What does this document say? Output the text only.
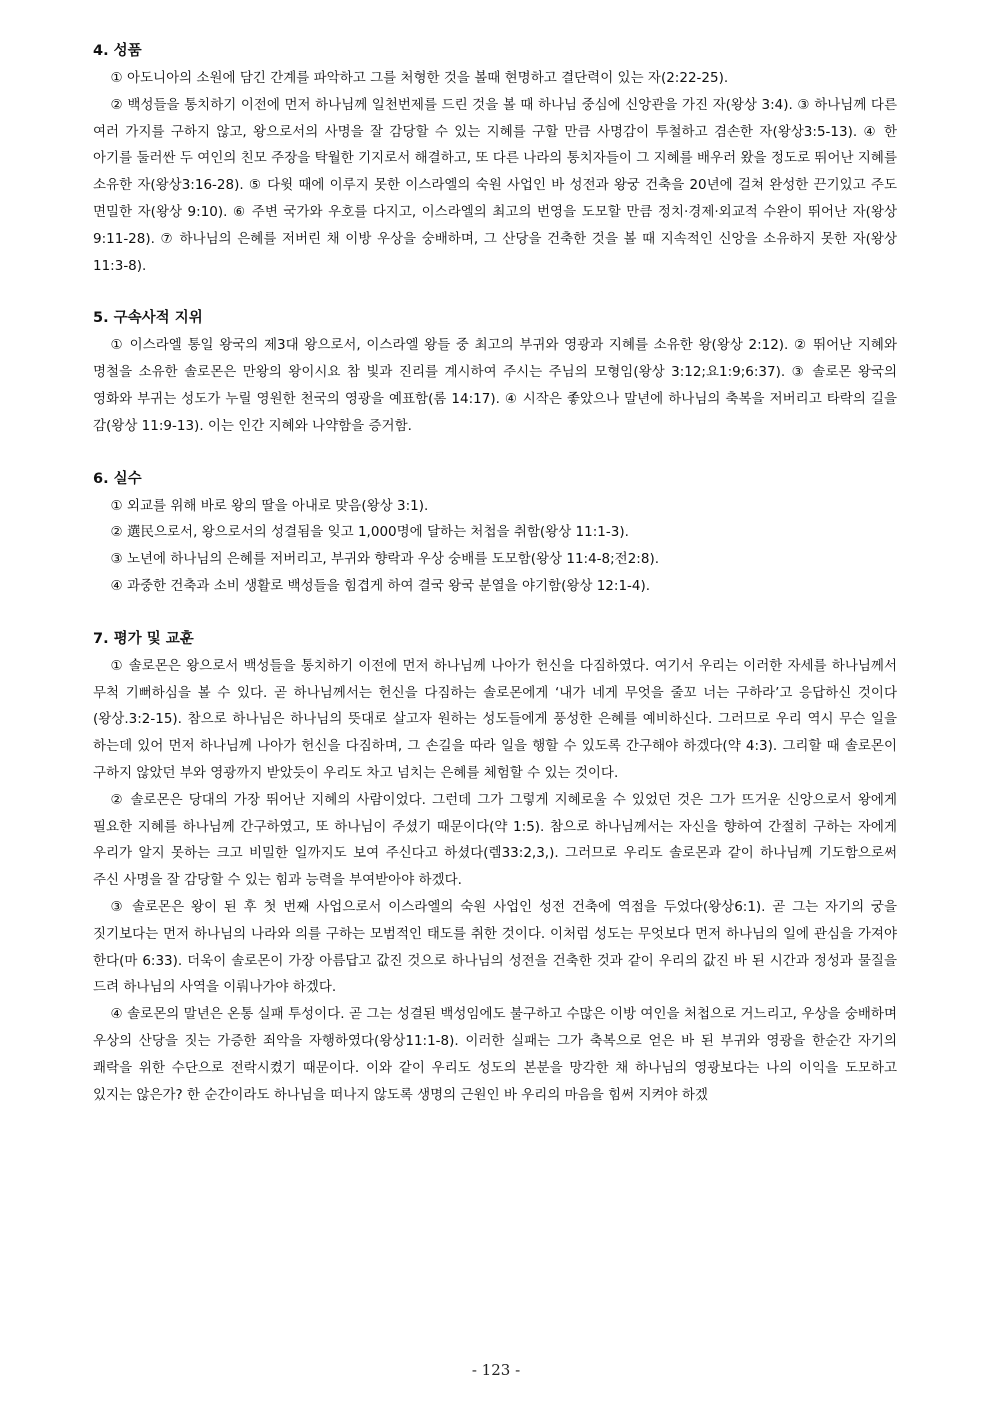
4. 성품

① 아도니아의 소원에 담긴 간계를 파악하고 그를 처형한 것을 볼때 현명하고 결단력이 있는 자(2:22-25).

② 백성들을 통치하기 이전에 먼저 하나님께 일천번제를 드린 것을 볼 때 하나님 중심에 신앙관을 가진 자(왕상 3:4). ③ 하나님께 다른 여러 가지를 구하지 않고, 왕으로서의 사명을 잘 감당할 수 있는 지혜를 구할 만큼 사명감이 투철하고 겸손한 자(왕상3:5-13). ④ 한 아기를 둘러싼 두 여인의 친모 주장을 탁월한 기지로서 해결하고, 또 다른 나라의 통치자들이 그 지혜를 배우러 왔을 정도로 뛰어난 지혜를 소유한 자(왕상3:16-28). ⑤ 다윗 때에 이루지 못한 이스라엘의 숙원 사업인 바 성전과 왕궁 건축을 20년에 걸쳐 완성한 끈기있고 주도 면밀한 자(왕상 9:10). ⑥ 주변 국가와 우호를 다지고, 이스라엘의 최고의 번영을 도모할 만큼 정치·경제·외교적 수완이 뛰어난 자(왕상 9:11-28). ⑦ 하나님의 은혜를 저버린 채 이방 우상을 숭배하며, 그 산당을 건축한 것을 볼 때 지속적인 신앙을 소유하지 못한 자(왕상 11:3-8).

5. 구속사적 지위

① 이스라엘 통일 왕국의 제3대 왕으로서, 이스라엘 왕들 중 최고의 부귀와 영광과 지혜를 소유한 왕(왕상 2:12). ② 뛰어난 지혜와 명철을 소유한 솔로몬은 만왕의 왕이시요 참 빛과 진리를 계시하여 주시는 주님의 모형임(왕상 3:12;요1:9;6:37). ③ 솔로몬 왕국의 영화와 부귀는 성도가 누릴 영원한 천국의 영광을 예표함(롬 14:17). ④ 시작은 좋았으나 말년에 하나님의 축복을 저버리고 타락의 길을 감(왕상 11:9-13). 이는 인간 지혜와 나약함을 증거함.

6. 실수

① 외교를 위해 바로 왕의 딸을 아내로 맞음(왕상 3:1).

② 選民으로서, 왕으로서의 성결됨을 잊고 1,000명에 달하는 처첩을 취함(왕상 11:1-3).

③ 노년에 하나님의 은혜를 저버리고, 부귀와 향락과 우상 숭배를 도모함(왕상 11:4-8;전2:8).

④ 과중한 건축과 소비 생활로 백성들을 힘겹게 하여 결국 왕국 분열을 야기함(왕상 12:1-4).

7. 평가 및 교훈

① 솔로몬은 왕으로서 백성들을 통치하기 이전에 먼저 하나님께 나아가 헌신을 다짐하였다. 여기서 우리는 이러한 자세를 하나님께서 무척 기뻐하심을 볼 수 있다. 곧 하나님께서는 헌신을 다짐하는 솔로몬에게 ‘내가 네게 무엇을 줄꼬 너는 구하라’고 응답하신 것이다(왕상.3:2-15). 참으로 하나님은 하나님의 뜻대로 살고자 원하는 성도들에게 풍성한 은혜를 예비하신다. 그러므로 우리 역시 무슨 일을 하는데 있어 먼저 하나님께 나아가 헌신을 다짐하며, 그 손길을 따라 일을 행할 수 있도록 간구해야 하겠다(약 4:3). 그리할 때 솔로몬이 구하지 않았던 부와 영광까지 받았듯이 우리도 차고 넘치는 은혜를 체험할 수 있는 것이다.

② 솔로몬은 당대의 가장 뛰어난 지혜의 사람이었다. 그런데 그가 그렇게 지혜로울 수 있었던 것은 그가 뜨거운 신앙으로서 왕에게 필요한 지혜를 하나님께 간구하였고, 또 하나님이 주셨기 때문이다(약 1:5). 참으로 하나님께서는 자신을 향하여 간절히 구하는 자에게 우리가 알지 못하는 크고 비밀한 일까지도 보여 주신다고 하셨다(렘33:2,3,). 그러므로 우리도 솔로몬과 같이 하나님께 기도함으로써 주신 사명을 잘 감당할 수 있는 힘과 능력을 부여받아야 하겠다.

③ 솔로몬은 왕이 된 후 첫 번째 사업으로서 이스라엘의 숙원 사업인 성전 건축에 역점을 두었다(왕상6:1). 곧 그는 자기의 궁을 짓기보다는 먼저 하나님의 나라와 의를 구하는 모범적인 태도를 취한 것이다. 이처럼 성도는 무엇보다 먼저 하나님의 일에 관심을 가져야 한다(마 6:33). 더욱이 솔로몬이 가장 아름답고 값진 것으로 하나님의 성전을 건축한 것과 같이 우리의 값진 바 된 시간과 정성과 물질을 드려 하나님의 사역을 이뤄나가야 하겠다.

④ 솔로몬의 말년은 온통 실패 투성이다. 곧 그는 성결된 백성임에도 불구하고 수많은 이방 여인을 처첩으로 거느리고, 우상을 숭배하며 우상의 산당을 짓는 가증한 죄악을 자행하였다(왕상11:1-8). 이러한 실패는 그가 축복으로 얻은 바 된 부귀와 영광을 한순간 자기의 쾌락을 위한 수단으로 전락시켰기 때문이다. 이와 같이 우리도 성도의 본분을 망각한 채 하나님의 영광보다는 나의 이익을 도모하고 있지는 않은가? 한 순간이라도 하나님을 떠나지 않도록 생명의 근원인 바 우리의 마음을 힘써 지켜야 하겠

- 123 -
